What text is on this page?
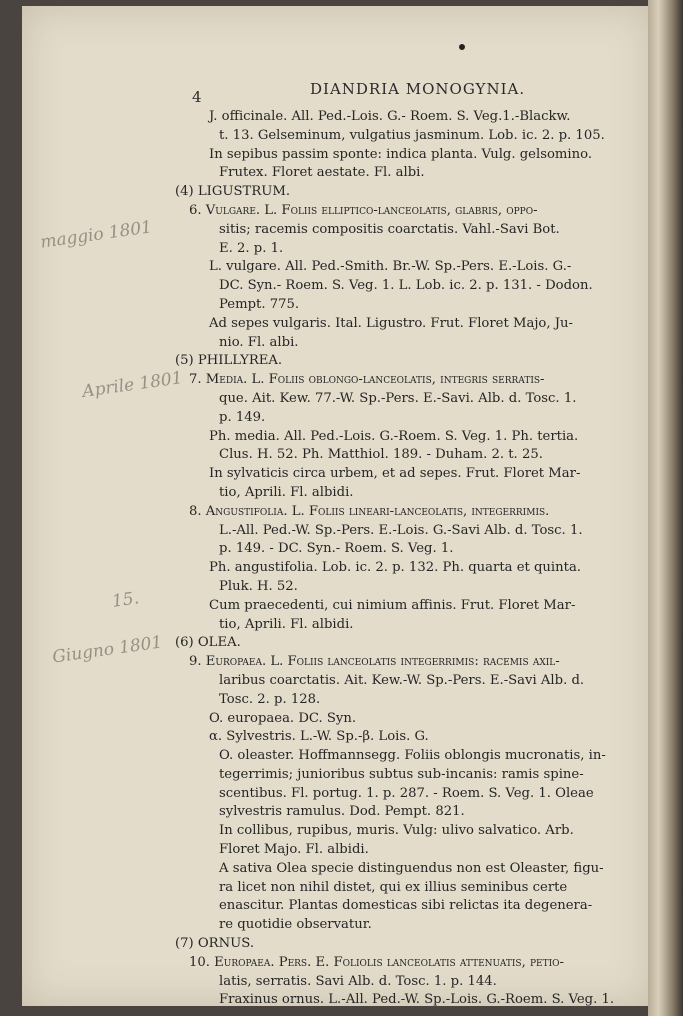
4	DIANDRIA MONOGYNIA.
maggio 1801
Aprile 1801
15.
Giugno 1801
J. officinale. All. Ped.-Lois. G.- Roem. S. Veg.1.-Blackw.
t. 13. Gelseminum, vulgatius jasminum. Lob. ic. 2. p. 105.
In sepibus passim sponte: indica planta. Vulg. gelsomino.
Frutex. Floret aestate. Fl. albi.
(4) LIGUSTRUM.
6. Vulgare. L. Foliis elliptico-lanceolatis, glabris, oppo-
sitis; racemis compositis coarctatis. Vahl.-Savi Bot.
E. 2. p. 1.
L. vulgare. All. Ped.-Smith. Br.-W. Sp.-Pers. E.-Lois. G.-
DC. Syn.- Roem. S. Veg. 1. L. Lob. ic. 2. p. 131. - Dodon.
Pempt. 775.
Ad sepes vulgaris. Ital. Ligustro. Frut. Floret Majo, Ju-
nio. Fl. albi.
(5) PHILLYREA.
7. Media. L. Foliis oblongo-lanceolatis, integris serratis-
que. Ait. Kew. 77.-W. Sp.-Pers. E.-Savi. Alb. d. Tosc. 1.
p. 149.
Ph. media. All. Ped.-Lois. G.-Roem. S. Veg. 1. Ph. tertia.
Clus. H. 52. Ph. Matthiol. 189. - Duham. 2. t. 25.
In sylvaticis circa urbem, et ad sepes. Frut. Floret Mar-
tio, Aprili. Fl. albidi.
8. Angustifolia. L. Foliis lineari-lanceolatis, integerrimis.
L.-All. Ped.-W. Sp.-Pers. E.-Lois. G.-Savi Alb. d. Tosc. 1.
p. 149. - DC. Syn.- Roem. S. Veg. 1.
Ph. angustifolia. Lob. ic. 2. p. 132. Ph. quarta et quinta.
Pluk. H. 52.
Cum praecedenti, cui nimium affinis. Frut. Floret Mar-
tio, Aprili. Fl. albidi.
(6) OLEA.
9. Europaea. L. Foliis lanceolatis integerrimis: racemis axil-
laribus coarctatis. Ait. Kew.-W. Sp.-Pers. E.-Savi Alb. d.
Tosc. 2. p. 128.
O. europaea. DC. Syn.
α. Sylvestris. L.-W. Sp.-β. Lois. G.
O. oleaster. Hoffmannsegg. Foliis oblongis mucronatis, in-
tegerrimis; junioribus subtus sub-incanis: ramis spine-
scentibus. Fl. portug. 1. p. 287. - Roem. S. Veg. 1. Oleae
sylvestris ramulus. Dod. Pempt. 821.
In collibus, rupibus, muris. Vulg: ulivo salvatico. Arb.
Floret Majo. Fl. albidi.
A sativa Olea specie distinguendus non est Oleaster, figu-
ra licet non nihil distet, qui ex illius seminibus certe
enascitur. Plantas domesticas sibi relictas ita degenera-
re quotidie observatur.
(7) ORNUS.
10. Europaea. Pers. E. Foliolis lanceolatis attenuatis, petio-
latis, serratis. Savi Alb. d. Tosc. 1. p. 144.
Fraxinus ornus. L.-All. Ped.-W. Sp.-Lois. G.-Roem. S. Veg. 1.
